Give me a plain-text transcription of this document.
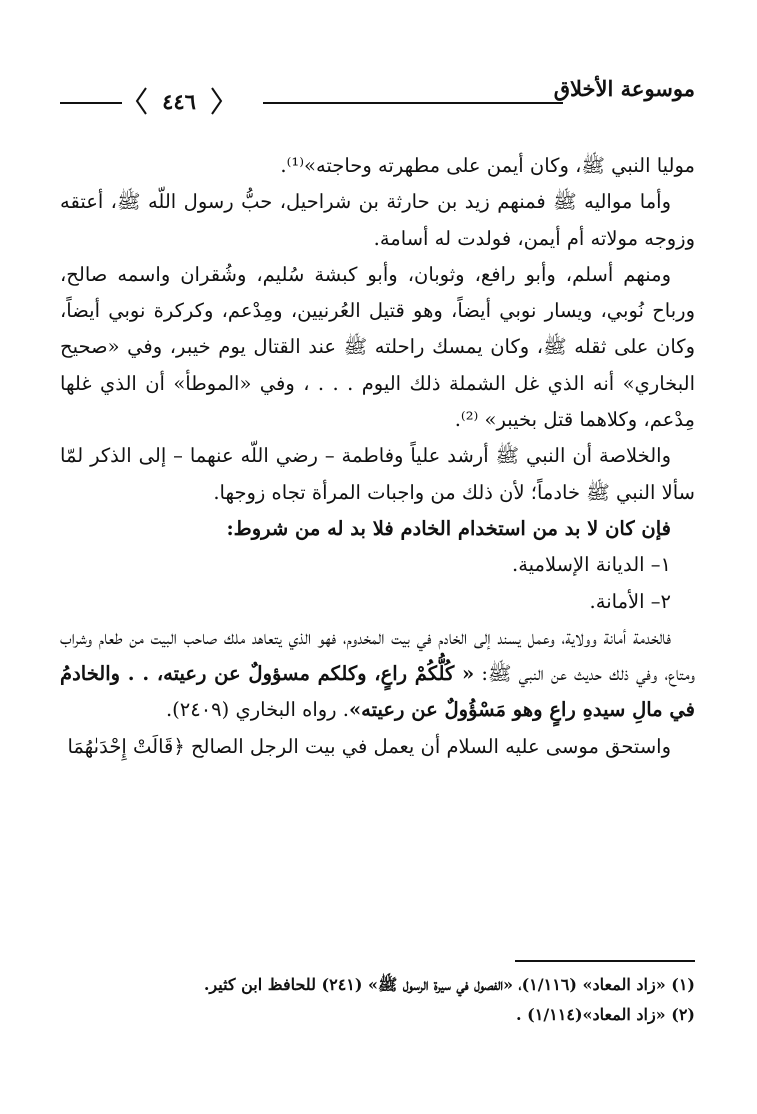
موسوعة الأخلاق
٤٤٦

موليا النبي ﷺ، وكان أيمن على مطهرته وحاجته»⁽¹⁾.

وأما مواليه ﷺ فمنهم زيد بن حارثة بن شراحيل، حبُّ رسول اللّه ﷺ، أعتقه وزوجه مولاته أم أيمن، فولدت له أسامة.

ومنهم أسلم، وأبو رافع، وثوبان، وأبو كبشة سُليم، وشُقران واسمه صالح، ورباح نُوبي، ويسار نوبي أيضاً، وهو قتيل العُرنيين، ومِدْعم، وكركرة نوبي أيضاً، وكان على ثقله ﷺ، وكان يمسك راحلته ﷺ عند القتال يوم خيبر، وفي «صحيح البخاري» أنه الذي غل الشملة ذلك اليوم . . . ، وفي «الموطأ» أن الذي غلها مِدْعم، وكلاهما قتل بخيبر» ⁽²⁾.

والخلاصة أن النبي ﷺ أرشد علياً وفاطمة – رضي اللّه عنهما – إلى الذكر لمّا سألا النبي ﷺ خادماً؛ لأن ذلك من واجبات المرأة تجاه زوجها.

فإن كان لا بد من استخدام الخادم فلا بد له من شروط:

١– الديانة الإسلامية.

٢– الأمانة.

فالخدمة أمانة وولاية، وعمل يسند إلى الخادم في بيت المخدوم، فهو الذي يتعاهد ملك صاحب البيت من طعام وشراب ومتاع، وفي ذلك حديث عن النبي ﷺ: « كُلُّكُمْ راعٍ، وكلكم مسؤولٌ عن رعيته، . . والخادمُ في مالِ سيدهِ راعٍ وهو مَسْؤُولٌ عن رعيته». رواه البخاري (٢٤٠٩).

واستحق موسى عليه السلام أن يعمل في بيت الرجل الصالح ﴿قَالَتْ إِحْدَىٰهُمَا

(١) «زاد المعاد» (١/١١٦)، «الفصول في سيرة الرسول ﷺ» (٢٤١) للحافظ ابن كثير.

(٢) «زاد المعاد»(١/١١٤) .
